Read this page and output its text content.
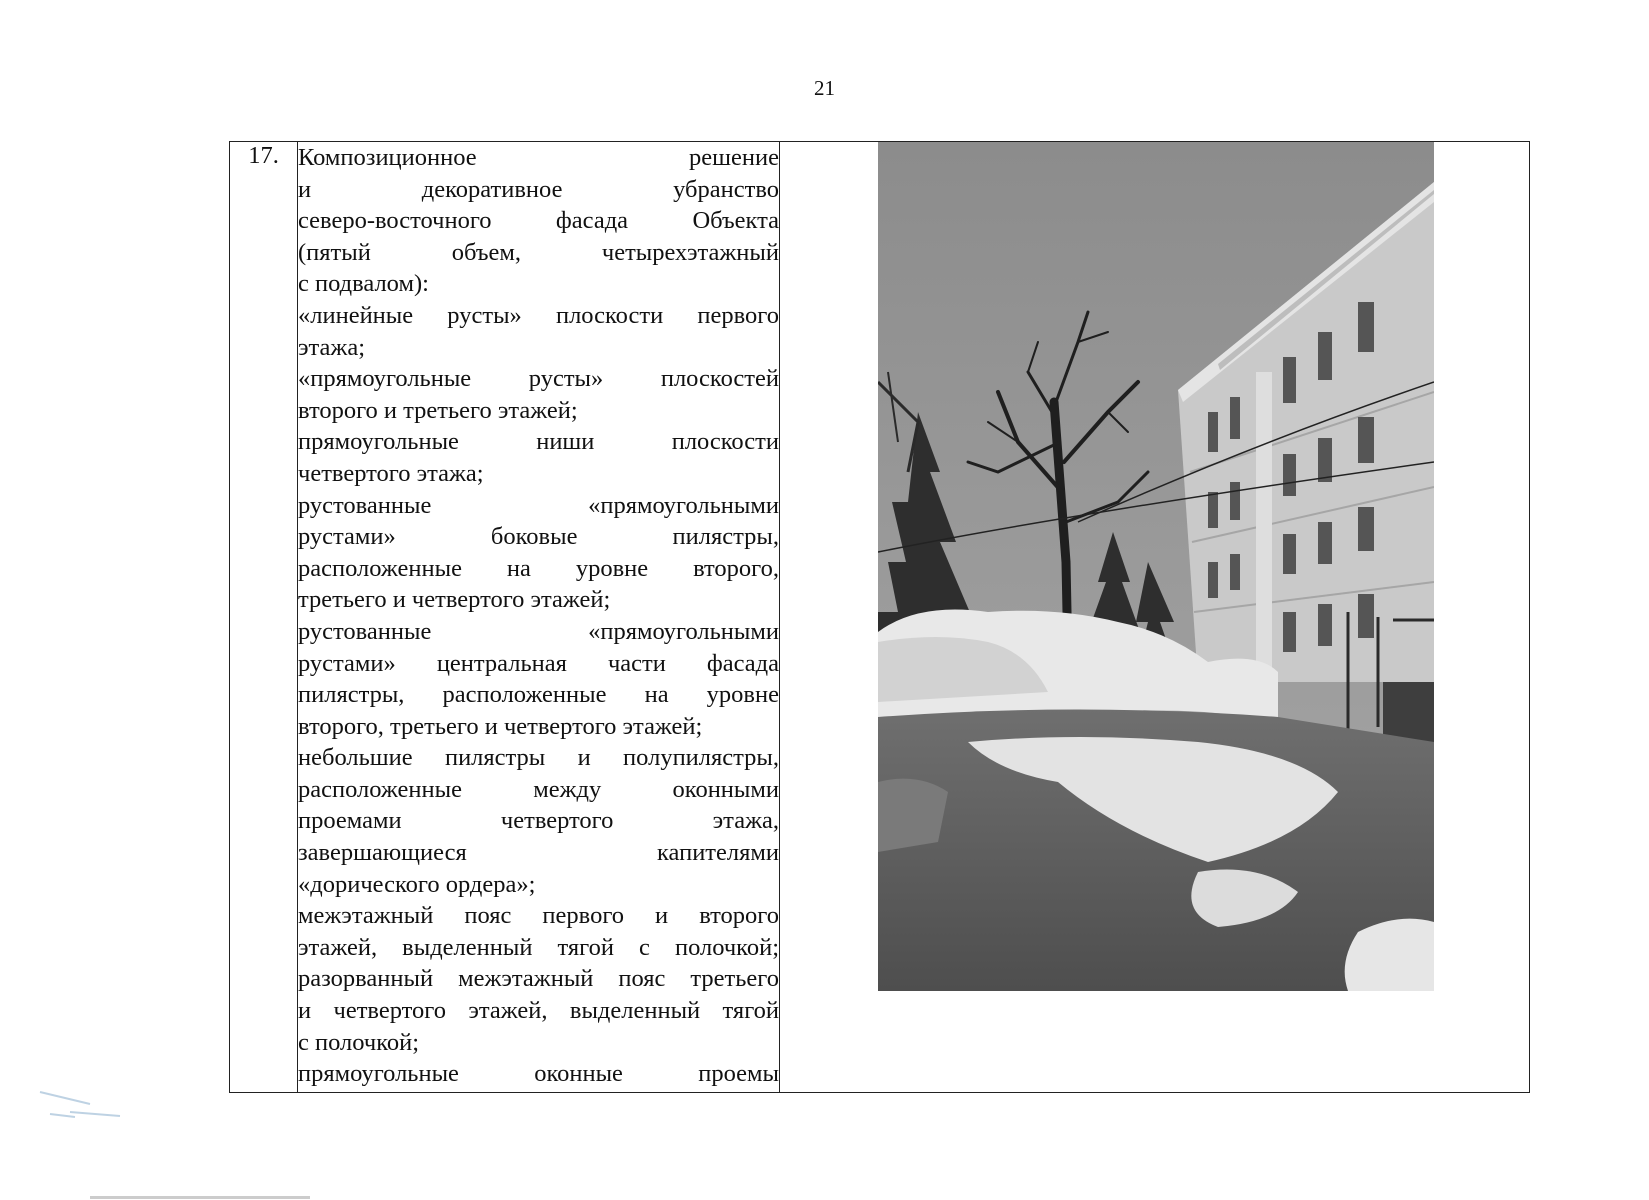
21
17.	Композиционное решение
и декоративное убранство
северо-восточного фасада Объекта
(пятый объем, четырехэтажный
с подвалом):
«линейные русты» плоскости первого
этажа;
«прямоугольные русты» плоскостей
второго и третьего этажей;
прямоугольные ниши плоскости
четвертого этажа;
рустованные «прямоугольными
рустами» боковые пилястры,
расположенные на уровне второго,
третьего и четвертого этажей;
рустованные «прямоугольными
рустами» центральная части фасада
пилястры, расположенные на уровне
второго, третьего и четвертого этажей;
небольшие пилястры и полупилястры,
расположенные между оконными
проемами четвертого этажа,
завершающиеся капителями
«дорического ордера»;
межэтажный пояс первого и второго
этажей, выделенный тягой с полочкой;
разорванный межэтажный пояс третьего
и четвертого этажей, выделенный тягой
с полочкой;
прямоугольные оконные проемы
